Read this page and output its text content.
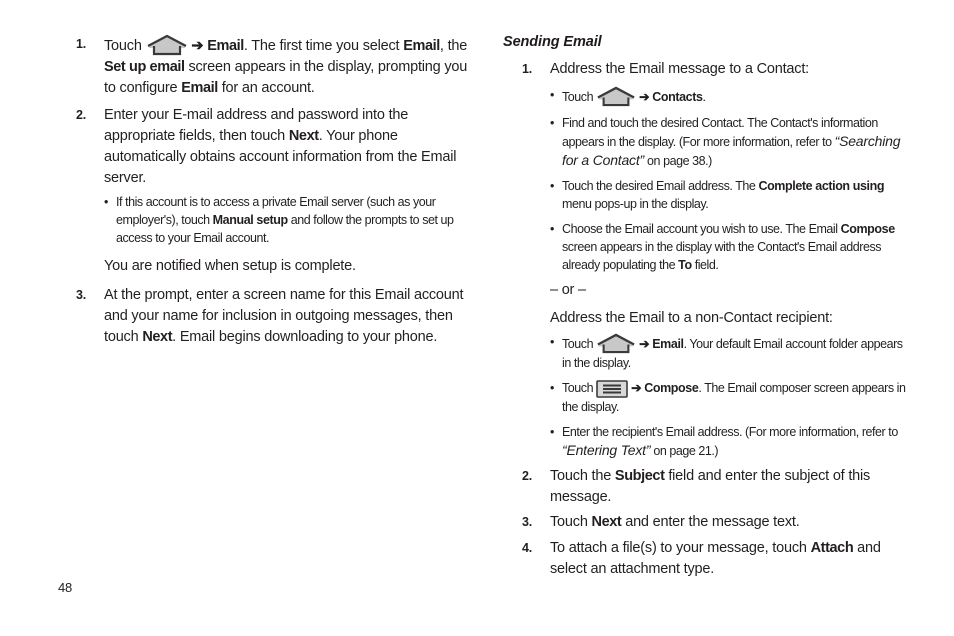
1. Touch	➔ Email. The first time you select Email, the Set up email screen appears in the display, prompting you to configure Email for an account.

2. Enter your E-mail address and password into the appropriate fields, then touch Next. Your phone automatically obtains account information from the Email server.

• If this account is to access a private Email server (such as your employer's), touch Manual setup and follow the prompts to set up access to your Email account.

You are notified when setup is complete.

3. At the prompt, enter a screen name for this Email account and your name for inclusion in outgoing messages, then touch Next. Email begins downloading to your phone.

Sending Email
1. Address the Email message to a Contact:

• Touch	➔ Contacts.
• Find and touch the desired Contact. The Contact's information appears in the display. (For more information, refer to “Searching for a Contact” on page 38.)
• Touch the desired Email address. The Complete action using menu pops-up in the display.
• Choose the Email account you wish to use. The Email Compose screen appears in the display with the Contact's Email address already populating the To field.

– or –

Address the Email to a non-Contact recipient:

• Touch	➔ Email. Your default Email account folder appears in the display.
• Touch	➔ Compose. The Email composer screen appears in the display.
• Enter the recipient's Email address. (For more information, refer to “Entering Text” on page 21.)
2. Touch the Subject field and enter the subject of this message.

3. Touch Next and enter the message text.

4. To attach a file(s) to your message, touch Attach and select an attachment type.

48
